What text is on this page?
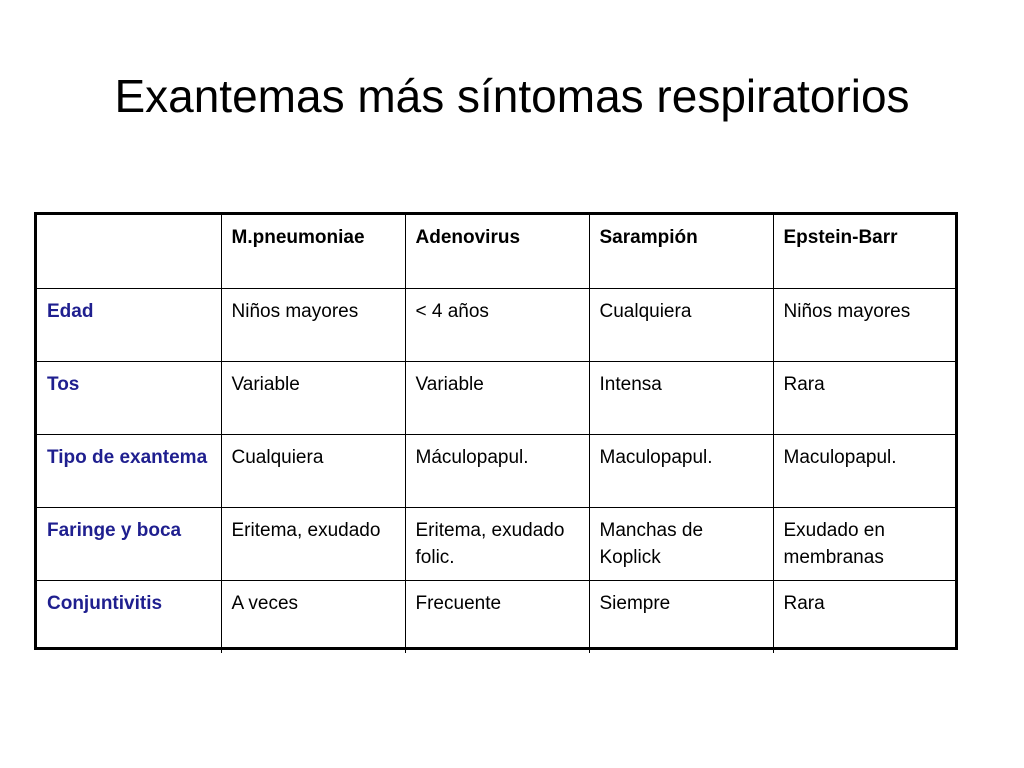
Exantemas más síntomas respiratorios
	M.pneumoniae	Adenovirus	Sarampión	Epstein-Barr
Edad	Niños mayores	< 4 años	Cualquiera	Niños mayores
Tos	Variable	Variable	Intensa	Rara
Tipo de exantema	Cualquiera	Máculopapul.	Maculopapul.	Maculopapul.
Faringe y boca	Eritema, exudado	Eritema, exudado folic.	Manchas de Koplick	Exudado en membranas
Conjuntivitis	A veces	Frecuente	Siempre	Rara
